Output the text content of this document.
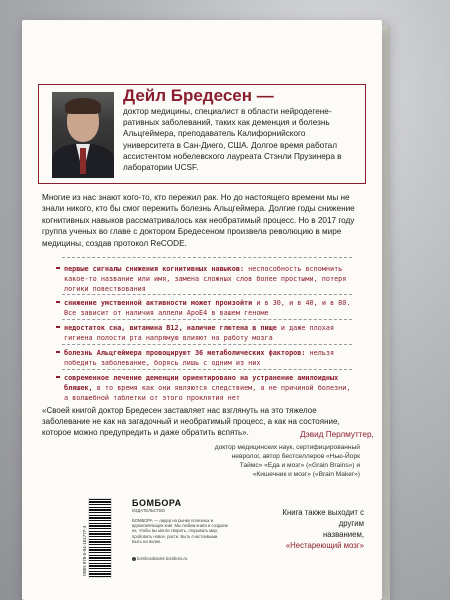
Дейл Бредесен —
доктор медицины, специалист в области нейродегене-ративных заболеваний, таких как деменция и болезнь Альцгеймера, преподаватель Калифорнийского университета в Сан-Диего, США. Долгое время работал ассистентом нобелевского лауреата Стэнли Прузинера в лаборатории UCSF.
Многие из нас знают кого-то, кто пережил рак. Но до настоящего времени мы не знали никого, кто бы смог пережить болезнь Альцгеймера. Долгие годы снижение когнитивных навыков рассматривалось как необратимый процесс. Но в 2017 году группа ученых во главе с доктором Бредесеном произвела революцию в мире медицины, создав протокол ReCODE.
первые сигналы снижения когнитивных навыков: неспособность вспомнить какое-то название или имя, замена сложных слов более простыми, потеря логики повествования
снижение умственной активности может произойти и в 30, и в 40, и в 80. Все зависит от наличия аллели ApoE4 в вашем геноме
недостаток сна, витамина B12, наличие глютена в пище и даже плохая гигиена полости рта напрямую влияют на работу мозга
болезнь Альцгеймера провоцируют 36 метаболических факторов: нельзя победить заболевание, борясь лишь с одним из них
современное лечение деменции ориентировано на устранение амилоидных бляшек, в то время как они являются следствием, а не причиной болезни, а волшебной таблетки от этого проклятия нет
«Своей книгой доктор Бредесен заставляет нас взглянуть на это тяжелое заболевание не как на загадочный и необратимый процесс, а как на состояние, которое можно предупредить и даже обратить вспять».	Дэвид Перлмуттер,
доктор медицинских наук, сертифицированный невролог, автор бестселлеров «Нью-Йорк Таймс» «Еда и мозг» («Grain Brains») и «Кишечник и мозг» («Brain Maker»)
ISBN 978-5-04-161777-4
БОМБОРА
ИЗДАТЕЛЬСТВО
БОМБОРА — лидер на рынке полезных и вдохновляющих книг. Мы любим книги и создаем их, чтобы вы могли творить, открывать мир, пробовать новое, расти. Быть счастливыми. Быть на волне.
bomborabooks bombora.ru
Книга также выходит с другим
названием, «Нестареющий мозг»
